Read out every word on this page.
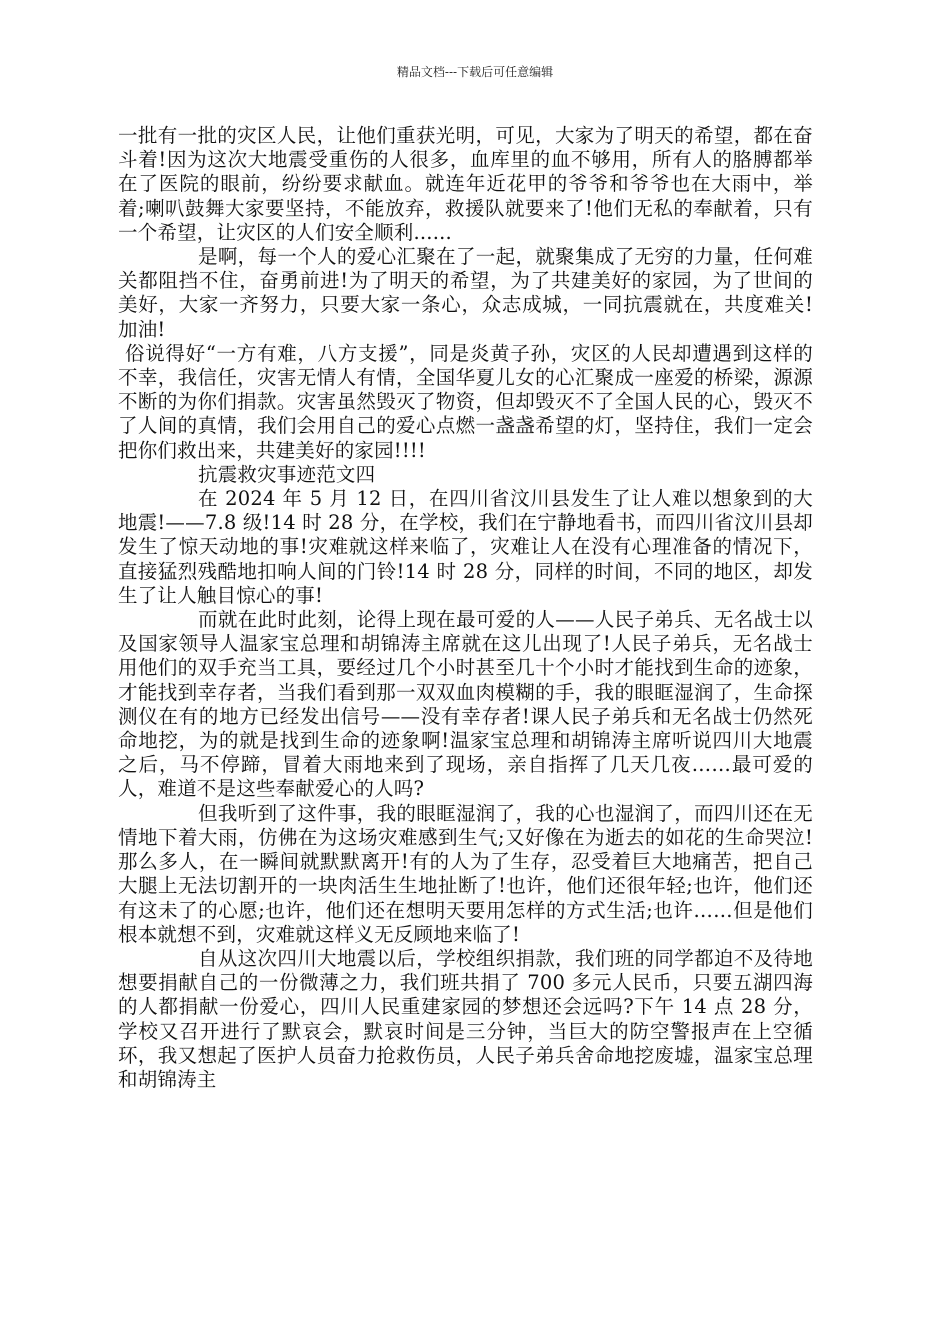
精品文档---下载后可任意编辑

一批有一批的灾区人民，让他们重获光明，可见，大家为了明天的希望，都在奋斗着!因为这次大地震受重伤的人很多，血库里的血不够用，所有人的胳膊都举在了医院的眼前，纷纷要求献血。就连年近花甲的爷爷和爷爷也在大雨中，举着;喇叭鼓舞大家要坚持，不能放弃，救援队就要来了!他们无私的奉献着，只有一个希望，让灾区的人们安全顺利......

是啊，每一个人的爱心汇聚在了一起，就聚集成了无穷的力量，任何难关都阻挡不住，奋勇前进!为了明天的希望，为了共建美好的家园，为了世间的美好，大家一齐努力，只要大家一条心，众志成城，一同抗震就在，共度难关!加油!

俗说得好“一方有难，八方支援”，同是炎黄子孙，灾区的人民却遭遇到这样的不幸，我信任，灾害无情人有情，全国华夏儿女的心汇聚成一座爱的桥梁，源源不断的为你们捐款。灾害虽然毁灭了物资，但却毁灭不了全国人民的心，毁灭不了人间的真情，我们会用自己的爱心点燃一盏盏希望的灯，坚持住，我们一定会把你们救出来，共建美好的家园!!!!

抗震救灾事迹范文四

在 2024 年 5 月 12 日，在四川省汶川县发生了让人难以想象到的大地震!——7.8 级!14 时 28 分，在学校，我们在宁静地看书，而四川省汶川县却发生了惊天动地的事!灾难就这样来临了，灾难让人在没有心理准备的情况下，直接猛烈残酷地扣响人间的门铃!14 时 28 分，同样的时间，不同的地区，却发生了让人触目惊心的事!

而就在此时此刻，论得上现在最可爱的人——人民子弟兵、无名战士以及国家领导人温家宝总理和胡锦涛主席就在这儿出现了!人民子弟兵，无名战士用他们的双手充当工具，要经过几个小时甚至几十个小时才能找到生命的迹象，才能找到幸存者，当我们看到那一双双血肉模糊的手，我的眼眶湿润了，生命探测仪在有的地方已经发出信号——没有幸存者!课人民子弟兵和无名战士仍然死命地挖，为的就是找到生命的迹象啊!温家宝总理和胡锦涛主席听说四川大地震之后，马不停蹄，冒着大雨地来到了现场，亲自指挥了几天几夜……最可爱的人，难道不是这些奉献爱心的人吗?

但我听到了这件事，我的眼眶湿润了，我的心也湿润了，而四川还在无情地下着大雨，仿佛在为这场灾难感到生气;又好像在为逝去的如花的生命哭泣!那么多人，在一瞬间就默默离开!有的人为了生存，忍受着巨大地痛苦，把自己大腿上无法切割开的一块肉活生生地扯断了!也许，他们还很年轻;也许，他们还有这未了的心愿;也许，他们还在想明天要用怎样的方式生活;也许……但是他们根本就想不到，灾难就这样义无反顾地来临了!

自从这次四川大地震以后，学校组织捐款，我们班的同学都迫不及待地想要捐献自己的一份微薄之力，我们班共捐了 700 多元人民币，只要五湖四海的人都捐献一份爱心，四川人民重建家园的梦想还会远吗?下午 14 点 28 分，学校又召开进行了默哀会，默哀时间是三分钟，当巨大的防空警报声在上空循环，我又想起了医护人员奋力抢救伤员，人民子弟兵舍命地挖废墟，温家宝总理和胡锦涛主
